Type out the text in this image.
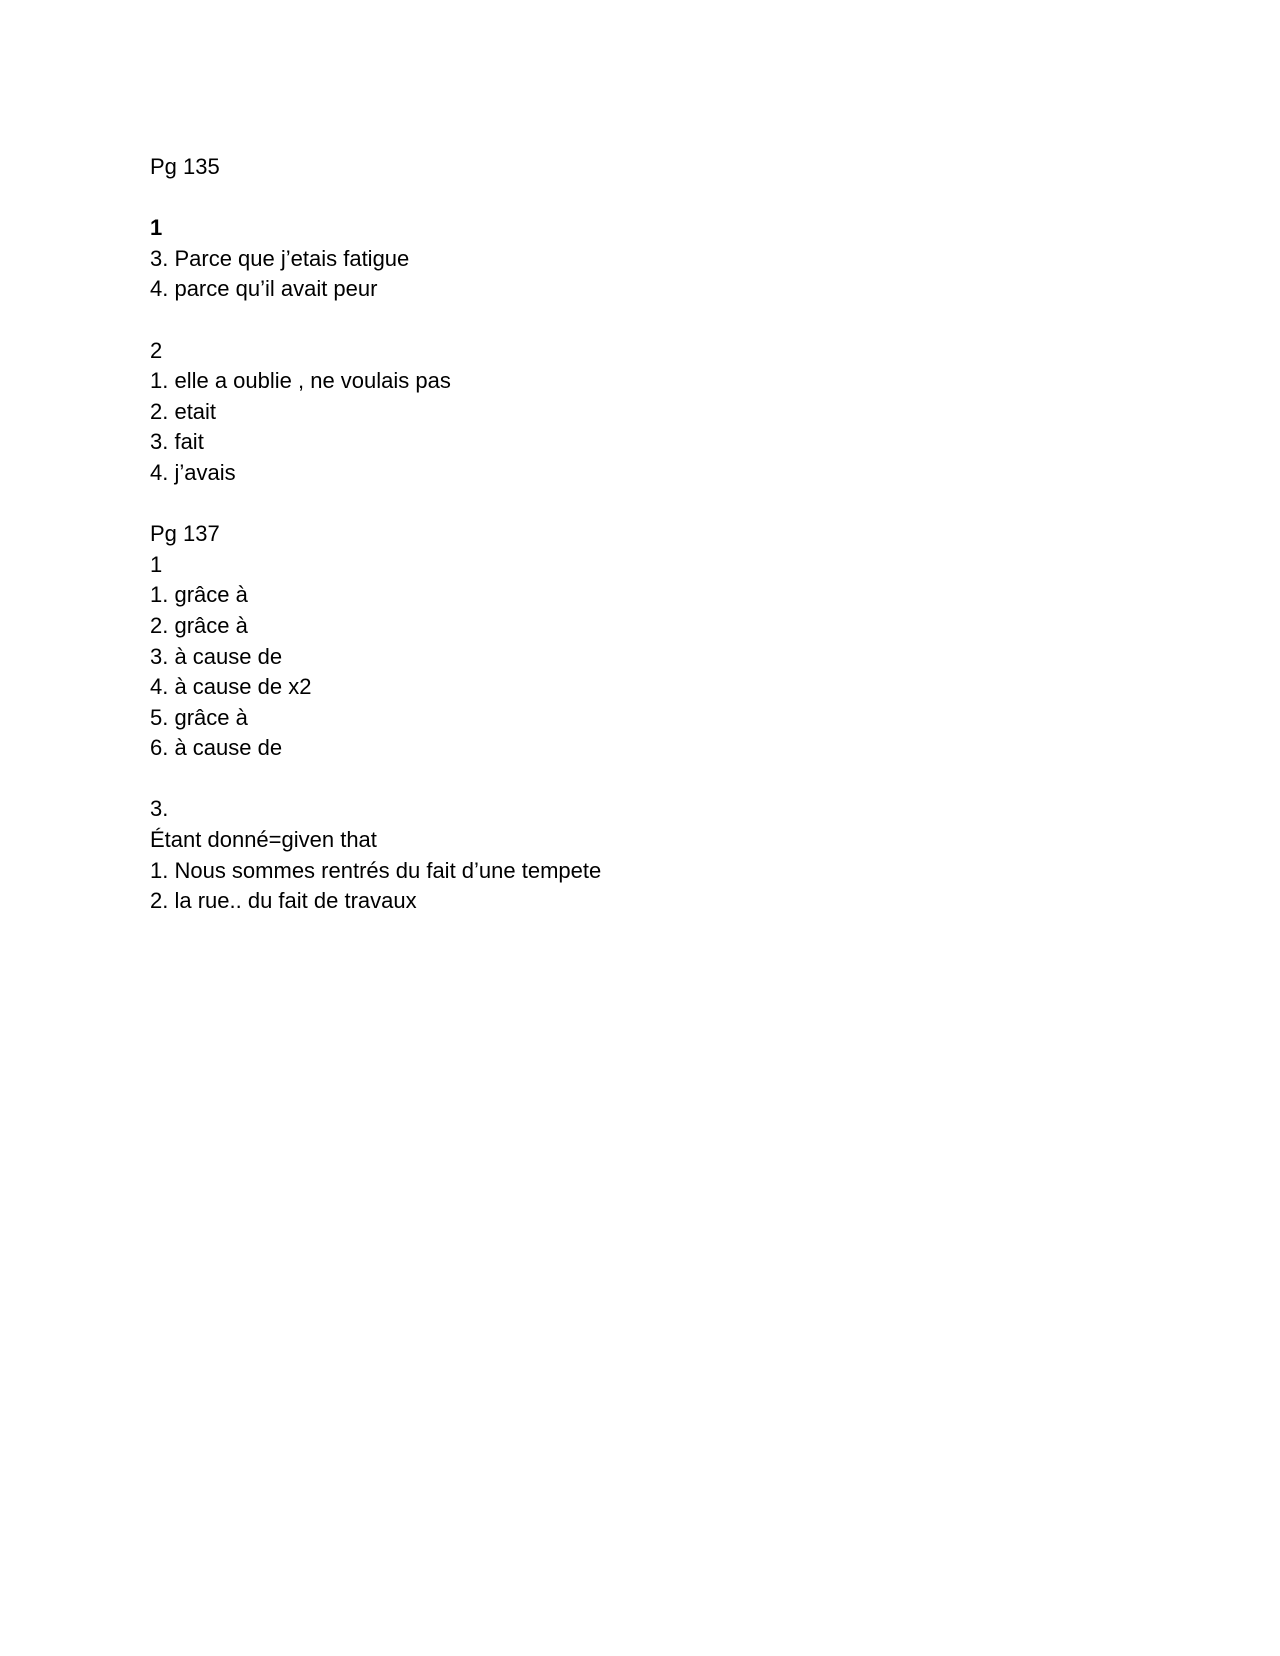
Pg 135
1
3. Parce que j’etais fatigue
4. parce qu’il avait peur
2
1. elle a oublie , ne voulais pas
2. etait
3. fait
4. j’avais
Pg 137
1
1. grâce à
2. grâce à
3. à cause de
4. à cause de x2
5. grâce à
6. à cause de
3.
Étant donné=given that
1. Nous sommes rentrés du fait d’une tempete
2. la rue.. du fait de travaux
